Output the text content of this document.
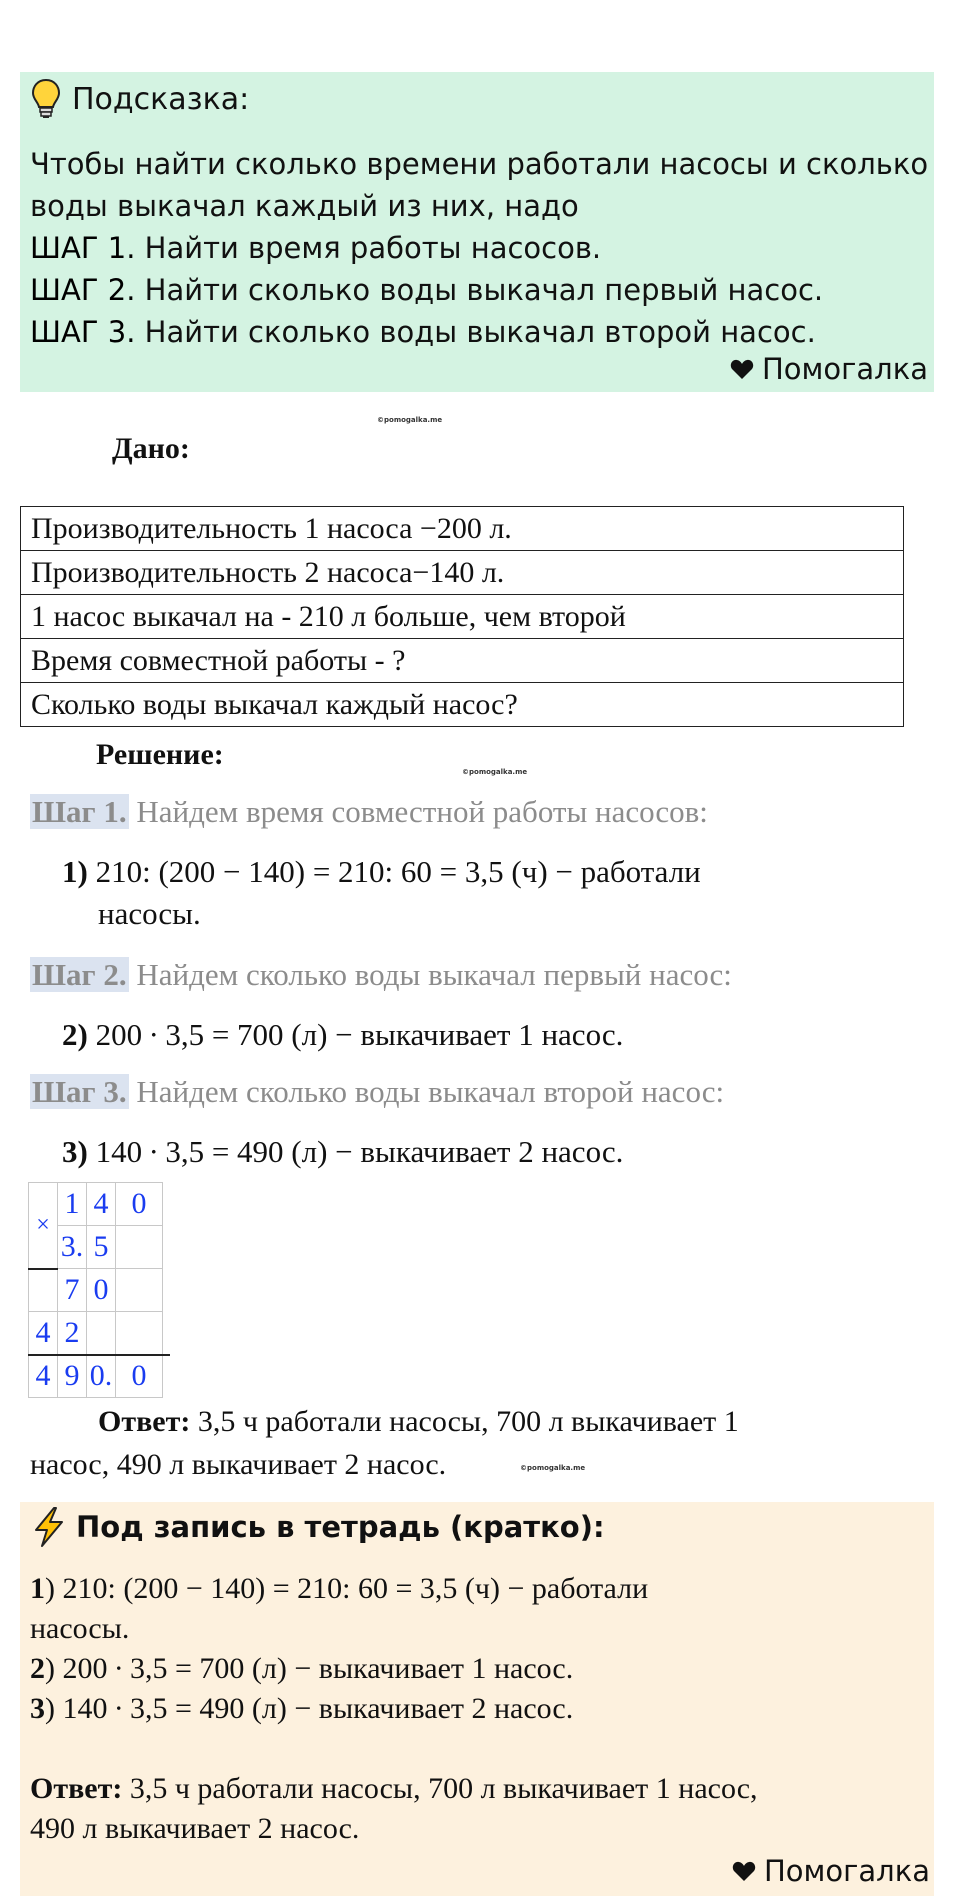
Подсказка:
Чтобы найти сколько времени работали насосы и сколько
воды выкачал каждый из них, надо
ШАГ 1. Найти время работы насосов.
ШАГ 2. Найти сколько воды выкачал первый насос.
ШАГ 3. Найти сколько воды выкачал второй насос.
Помогалка
©pomogalka.me
Дано:
Производительность 1 насоса −200 л.
Производительность 2 насоса−140 л.
1 насос выкачал на - 210 л больше, чем второй
Время совместной работы - ?
Сколько воды выкачал каждый насос?
Решение:
©pomogalka.me
Шаг 1. Найдем время совместной работы насосов:
1) 210: (200 − 140) = 210: 60 = 3,5 (ч) − работали
насосы.
Шаг 2. Найдем сколько воды выкачал первый насос:
2) 200 ∙ 3,5 = 700 (л) − выкачивает 1 насос.
Шаг 3. Найдем сколько воды выкачал второй насос:
3) 140 ∙ 3,5 = 490 (л) − выкачивает 2 насос.
×	1	4	0
	3.	5	
	7	0	
4	2		
4	9	0.	0
Ответ: 3,5 ч работали насосы, 700 л выкачивает 1
насос, 490 л выкачивает 2 насос.	©pomogalka.me
Под запись в тетрадь (кратко):
1) 210: (200 − 140) = 210: 60 = 3,5 (ч) − работали
насосы.
2) 200 ∙ 3,5 = 700 (л) − выкачивает 1 насос.
3) 140 ∙ 3,5 = 490 (л) − выкачивает 2 насос.
Ответ: 3,5 ч работали насосы, 700 л выкачивает 1 насос,
490 л выкачивает 2 насос.
Помогалка
